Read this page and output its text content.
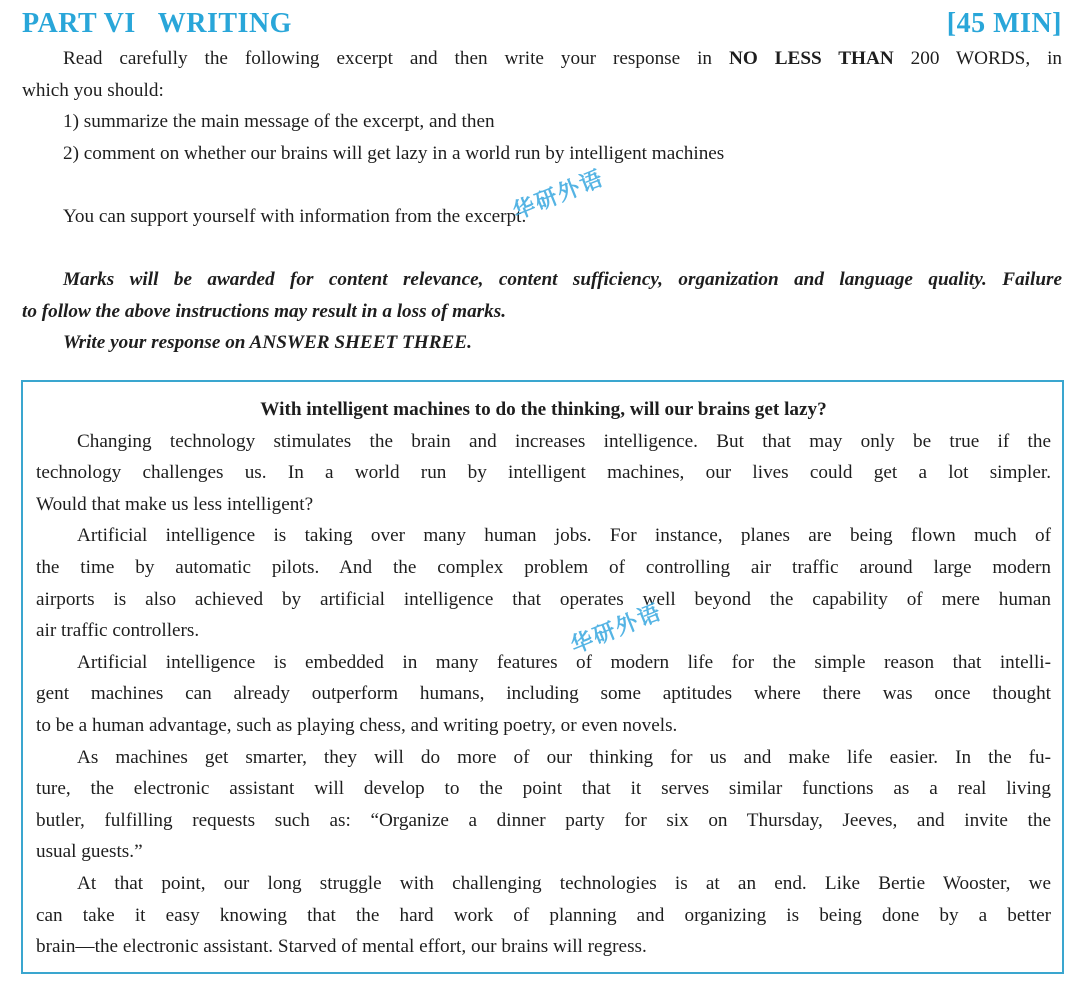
PART VI WRITING	[45 MIN]

Read carefully the following excerpt and then write your response in NO LESS THAN 200 WORDS, in

which you should:

1) summarize the main message of the excerpt, and then

2) comment on whether our brains will get lazy in a world run by intelligent machines

You can support yourself with information from the excerpt.

Marks will be awarded for content relevance, content sufficiency, organization and language quality. Failure

to follow the above instructions may result in a loss of marks.

Write your response on ANSWER SHEET THREE.

With intelligent machines to do the thinking, will our brains get lazy?

Changing technology stimulates the brain and increases intelligence. But that may only be true if the

technology challenges us. In a world run by intelligent machines, our lives could get a lot simpler.

Would that make us less intelligent?

Artificial intelligence is taking over many human jobs. For instance, planes are being flown much of

the time by automatic pilots. And the complex problem of controlling air traffic around large modern

airports is also achieved by artificial intelligence that operates well beyond the capability of mere human

air traffic controllers.

Artificial intelligence is embedded in many features of modern life for the simple reason that intelli-

gent machines can already outperform humans, including some aptitudes where there was once thought

to be a human advantage, such as playing chess, and writing poetry, or even novels.

As machines get smarter, they will do more of our thinking for us and make life easier. In the fu-

ture, the electronic assistant will develop to the point that it serves similar functions as a real living

butler, fulfilling requests such as: “Organize a dinner party for six on Thursday, Jeeves, and invite the

usual guests.”

At that point, our long struggle with challenging technologies is at an end. Like Bertie Wooster, we

can take it easy knowing that the hard work of planning and organizing is being done by a better

brain—the electronic assistant. Starved of mental effort, our brains will regress.

华研外语
华研外语
